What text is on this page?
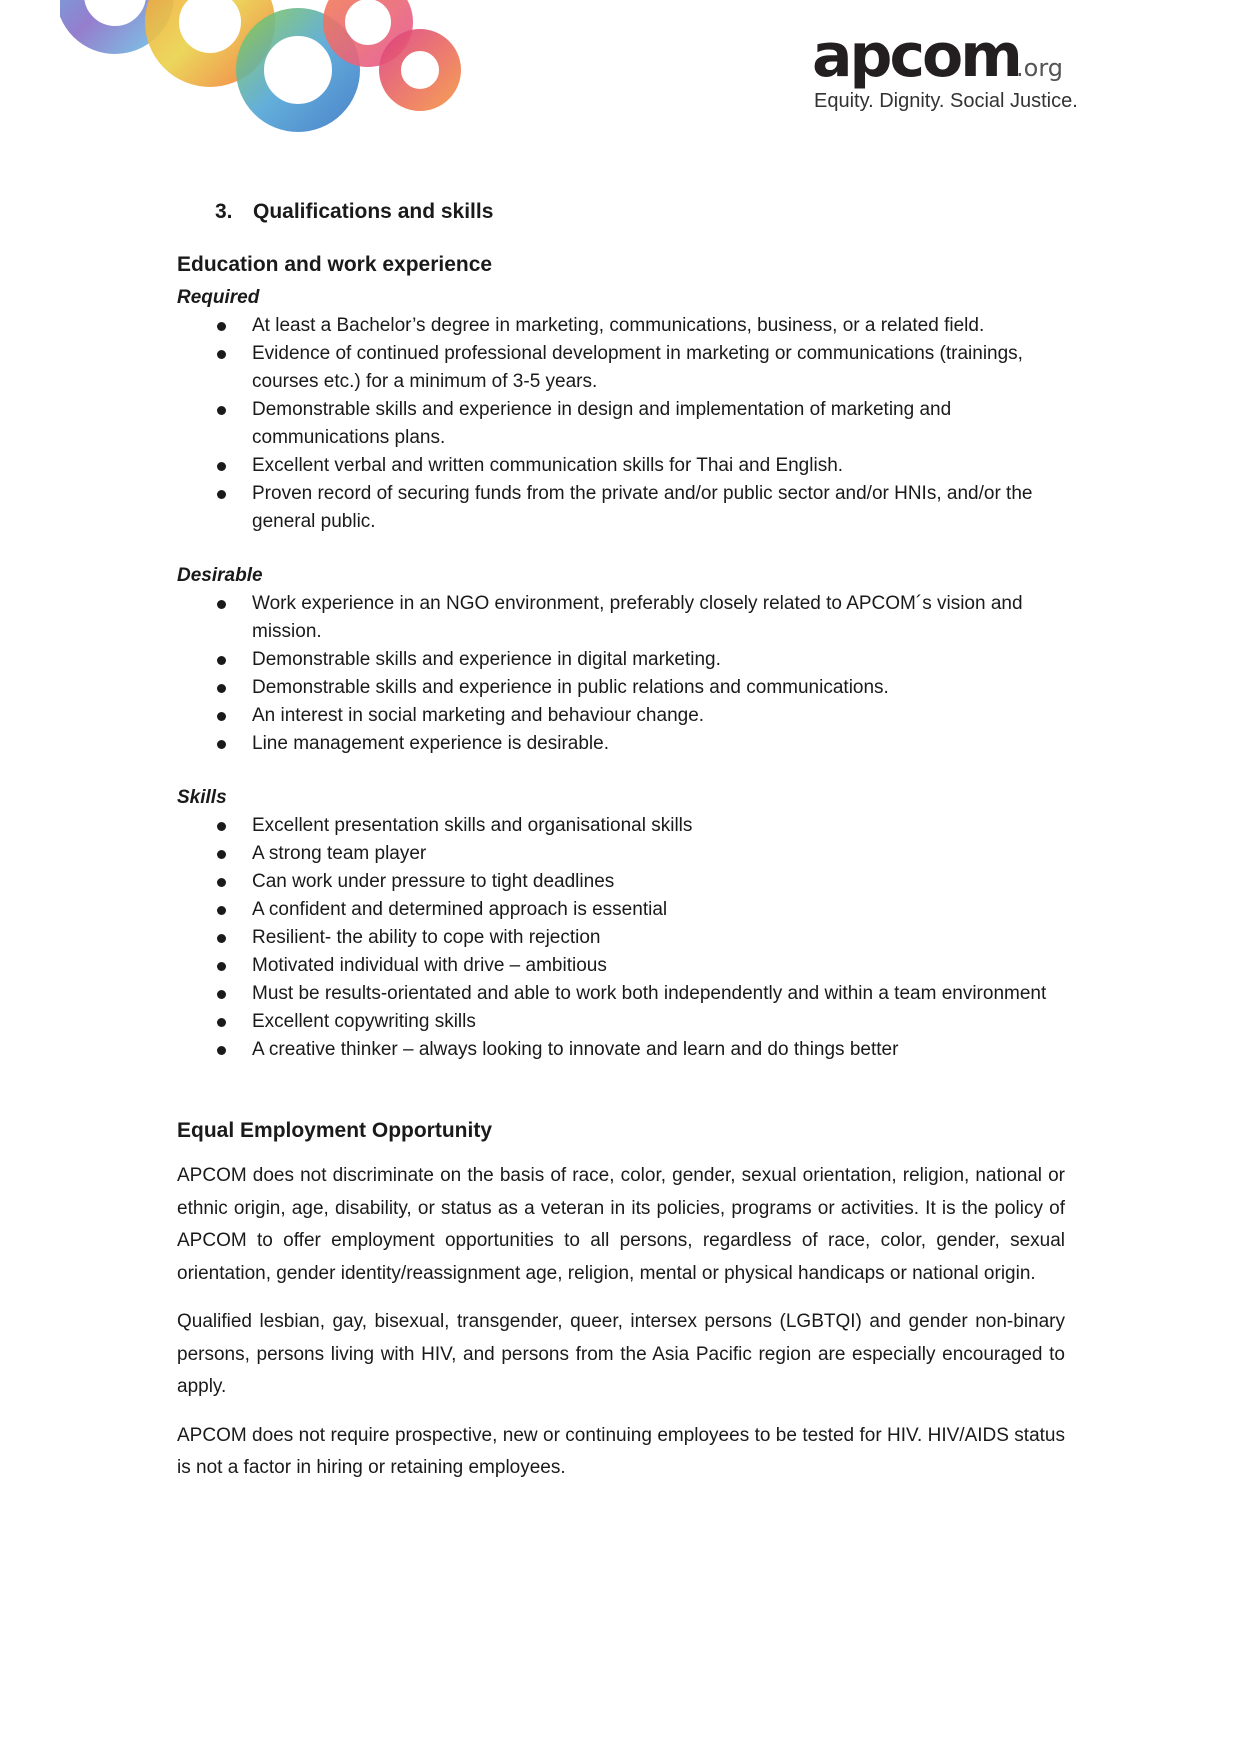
apcom
.org
Equity. Dignity. Social Justice.
3. Qualifications and skills
Education and work experience
Required
At least a Bachelor’s degree in marketing, communications, business, or a related field.
Evidence of continued professional development in marketing or communications (trainings, courses etc.) for a minimum of 3-5 years.
Demonstrable skills and experience in design and implementation of marketing and communications plans.
Excellent verbal and written communication skills for Thai and English.
Proven record of securing funds from the private and/or public sector and/or HNIs, and/or the general public.
Desirable
Work experience in an NGO environment, preferably closely related to APCOM´s vision and mission.
Demonstrable skills and experience in digital marketing.
Demonstrable skills and experience in public relations and communications.
An interest in social marketing and behaviour change.
Line management experience is desirable.
Skills
Excellent presentation skills and organisational skills
A strong team player
Can work under pressure to tight deadlines
A confident and determined approach is essential
Resilient- the ability to cope with rejection
Motivated individual with drive – ambitious
Must be results-orientated and able to work both independently and within a team environment
Excellent copywriting skills
A creative thinker – always looking to innovate and learn and do things better
Equal Employment Opportunity

APCOM does not discriminate on the basis of race, color, gender, sexual orientation, religion, national or ethnic origin, age, disability, or status as a veteran in its policies, programs or activities. It is the policy of APCOM to offer employment opportunities to all persons, regardless of race, color, gender, sexual orientation, gender identity/reassignment age, religion, mental or physical handicaps or national origin.

Qualified lesbian, gay, bisexual, transgender, queer, intersex persons (LGBTQI) and gender non-binary persons, persons living with HIV, and persons from the Asia Pacific region are especially encouraged to apply.

APCOM does not require prospective, new or continuing employees to be tested for HIV. HIV/AIDS status is not a factor in hiring or retaining employees.
